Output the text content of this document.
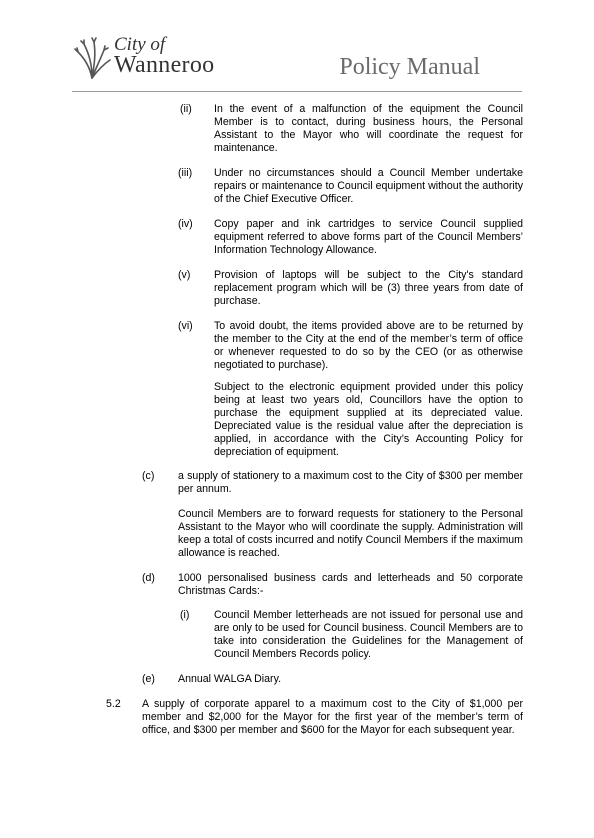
City of
Wanneroo	Policy Manual
(ii) In the event of a malfunction of the equipment the Council Member is to contact, during business hours, the Personal Assistant to the Mayor who will coordinate the request for maintenance.
(iii) Under no circumstances should a Council Member undertake repairs or maintenance to Council equipment without the authority of the Chief Executive Officer.
(iv) Copy paper and ink cartridges to service Council supplied equipment referred to above forms part of the Council Members’ Information Technology Allowance.
(v) Provision of laptops will be subject to the City's standard replacement program which will be (3) three years from date of purchase.
(vi) To avoid doubt, the items provided above are to be returned by the member to the City at the end of the member’s term of office or whenever requested to do so by the CEO (or as otherwise negotiated to purchase).
Subject to the electronic equipment provided under this policy being at least two years old, Councillors have the option to purchase the equipment supplied at its depreciated value. Depreciated value is the residual value after the depreciation is applied, in accordance with the City’s Accounting Policy for depreciation of equipment.
(c) a supply of stationery to a maximum cost to the City of $300 per member per annum.
Council Members are to forward requests for stationery to the Personal Assistant to the Mayor who will coordinate the supply. Administration will keep a total of costs incurred and notify Council Members if the maximum allowance is reached.
(d) 1000 personalised business cards and letterheads and 50 corporate Christmas Cards:-
(i) Council Member letterheads are not issued for personal use and are only to be used for Council business. Council Members are to take into consideration the Guidelines for the Management of Council Members Records policy.
(e) Annual WALGA Diary.
5.2 A supply of corporate apparel to a maximum cost to the City of $1,000 per member and $2,000 for the Mayor for the first year of the member’s term of office, and $300 per member and $600 for the Mayor for each subsequent year.
